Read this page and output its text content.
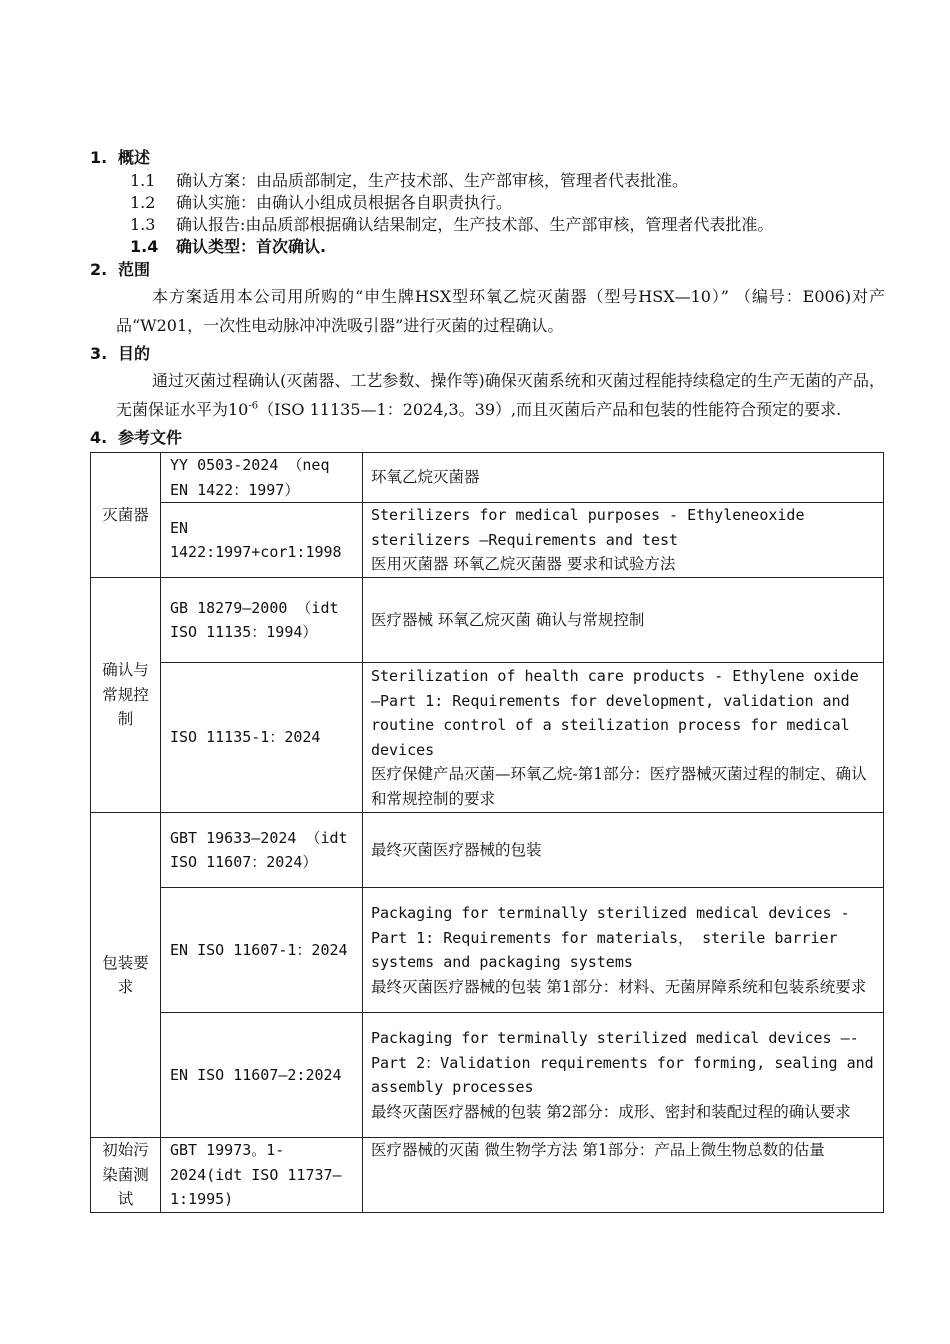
1. 概述
1.1 确认方案：由品质部制定，生产技术部、生产部审核，管理者代表批准。
1.2 确认实施：由确认小组成员根据各自职责执行。
1.3 确认报告:由品质部根据确认结果制定，生产技术部、生产部审核，管理者代表批准。
1.4 确认类型：首次确认.
2. 范围
本方案适用本公司用所购的“申生牌HSX型环氧乙烷灭菌器（型号HSX—10）” （编号：E006)对产品“W201，一次性电动脉冲冲洗吸引器”进行灭菌的过程确认。
3. 目的
通过灭菌过程确认(灭菌器、工艺参数、操作等)确保灭菌系统和灭菌过程能持续稳定的生产无菌的产品，无菌保证水平为$10^{-6}(ISO$ 11135—1：2024,3。39）,而且灭菌后产品和包装的性能符合预定的要求.
4. 参考文件
灭菌器	YY 0503-2024 （neq EN 1422：1997）	环氧乙烷灭菌器

	EN 1422:1997+cor1:1998	Sterilizers for medical purposes - Ethyleneoxide sterilizers —Requirements and test
医用灭菌器 环氧乙烷灭菌器 要求和试验方法

确认与常规控制	GB 18279—2000 （idt ISO 11135：1994）	医疗器械 环氧乙烷灭菌 确认与常规控制

	ISO 11135-1：2024	Sterilization of health care products - Ethylene oxide —Part 1: Requirements for development, validation and routine control of a steilization process for medical devices
医疗保健产品灭菌—环氧乙烷-第1部分：医疗器械灭菌过程的制定、确认和常规控制的要求

包装要求	GBT 19633—2024 （idt ISO 11607：2024）	最终灭菌医疗器械的包装

	EN ISO 11607-1：2024	Packaging for terminally sterilized medical devices - Part 1: Requirements for materials， sterile barrier systems and packaging systems
最终灭菌医疗器械的包装 第1部分：材料、无菌屏障系统和包装系统要求

	EN ISO 11607—2:2024	Packaging for terminally sterilized medical devices —- Part 2：Validation requirements for forming, sealing and assembly processes
最终灭菌医疗器械的包装 第2部分：成形、密封和装配过程的确认要求

初始污染菌测试	GBT 19973。1-2024(idt ISO 11737—1:1995)	医疗器械的灭菌 微生物学方法 第1部分：产品上微生物总数的估量
